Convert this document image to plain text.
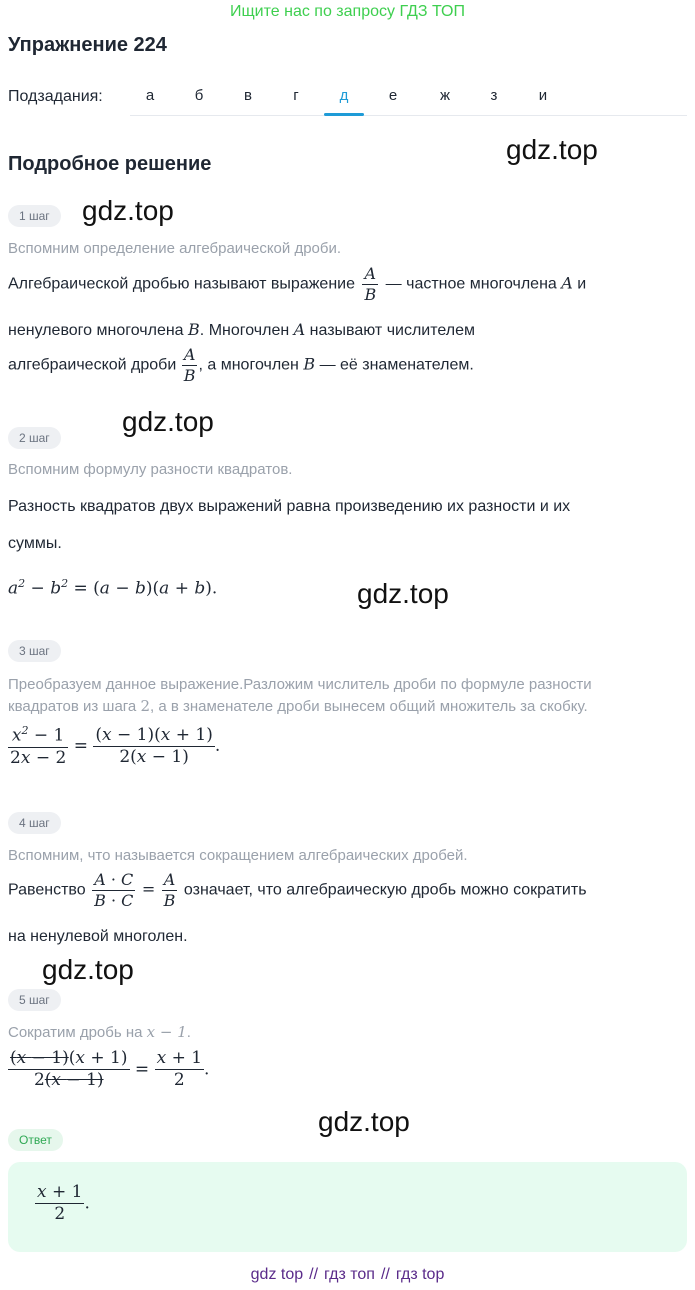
Ищите нас по запросу ГДЗ ТОП
Упражнение 224
Подзадания:	а	б	в	г	д	е	ж	з	и
Подробное решение	gdz.top
1 шаг	gdz.top
Вспомним определение алгебраической дроби.
Алгебраической дробью называют выражение $\frac{A}{B}$ — частное многочлена A и
ненулевого многочлена B. Многочлен A называют числителем
алгебраической дроби $\frac{A}{B}$ , а многочлен B — её знаменателем.
2 шаг
gdz.top
Вспомним формулу разности квадратов.
Разность квадратов двух выражений равна произведению их разности и их
суммы.
$a^2 - b^2 = (a - b)(a + b)$.	gdz.top
3 шаг
Преобразуем данное выражение.Разложим числитель дроби по формуле разности
квадратов из шага 2, а в знаменателе дроби вынесем общий множитель за скобку.
$\frac{x^2 - 1}{2x - 2} = \frac{(x - 1)(x + 1)}{2(x - 1)}$ .
4 шаг
Вспомним, что называется сокращением алгебраических дробей.
Равенство $\frac{A \cdot C}{B \cdot C} = \frac{A}{B}$ означает, что алгебраическую дробь можно сократить
на ненулевой многолен.
gdz.top
5 шаг
Сократим дробь на x − 1.
$\frac{(x - 1)(x + 1)}{2(x - 1)} = \frac{x + 1}{2}$ .
gdz.top
Ответ
$\frac{x + 1}{2}$ .
gdz top // гдз топ // гдз top
